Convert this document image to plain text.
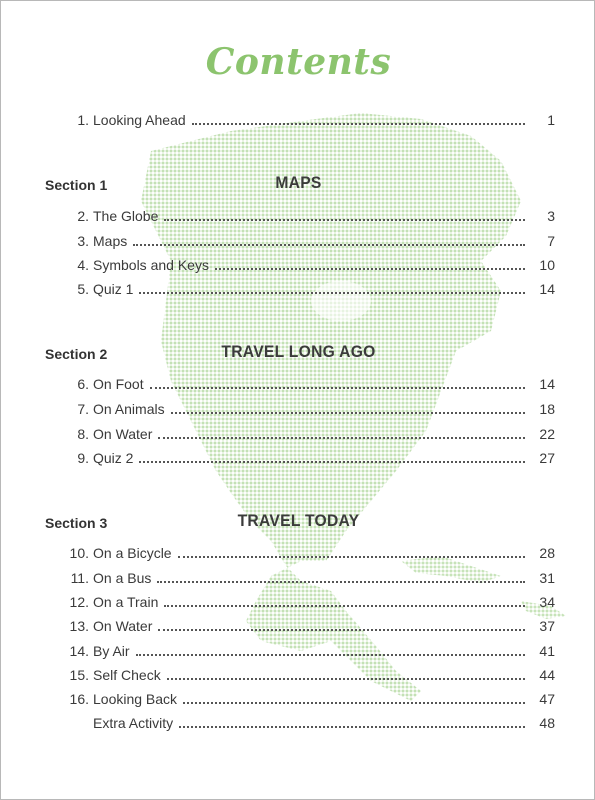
Contents
1. Looking Ahead	1
Section 1	MAPS
2. The Globe	3
3. Maps	7
4. Symbols and Keys	10
5. Quiz 1	14
Section 2	TRAVEL LONG AGO
6. On Foot	14
7. On Animals	18
8. On Water	22
9. Quiz 2	27
Section 3	TRAVEL TODAY
10. On a Bicycle	28
11. On a Bus	31
12. On a Train	34
13. On Water	37
14. By Air	41
15. Self Check	44
16. Looking Back	47
Extra Activity	48
